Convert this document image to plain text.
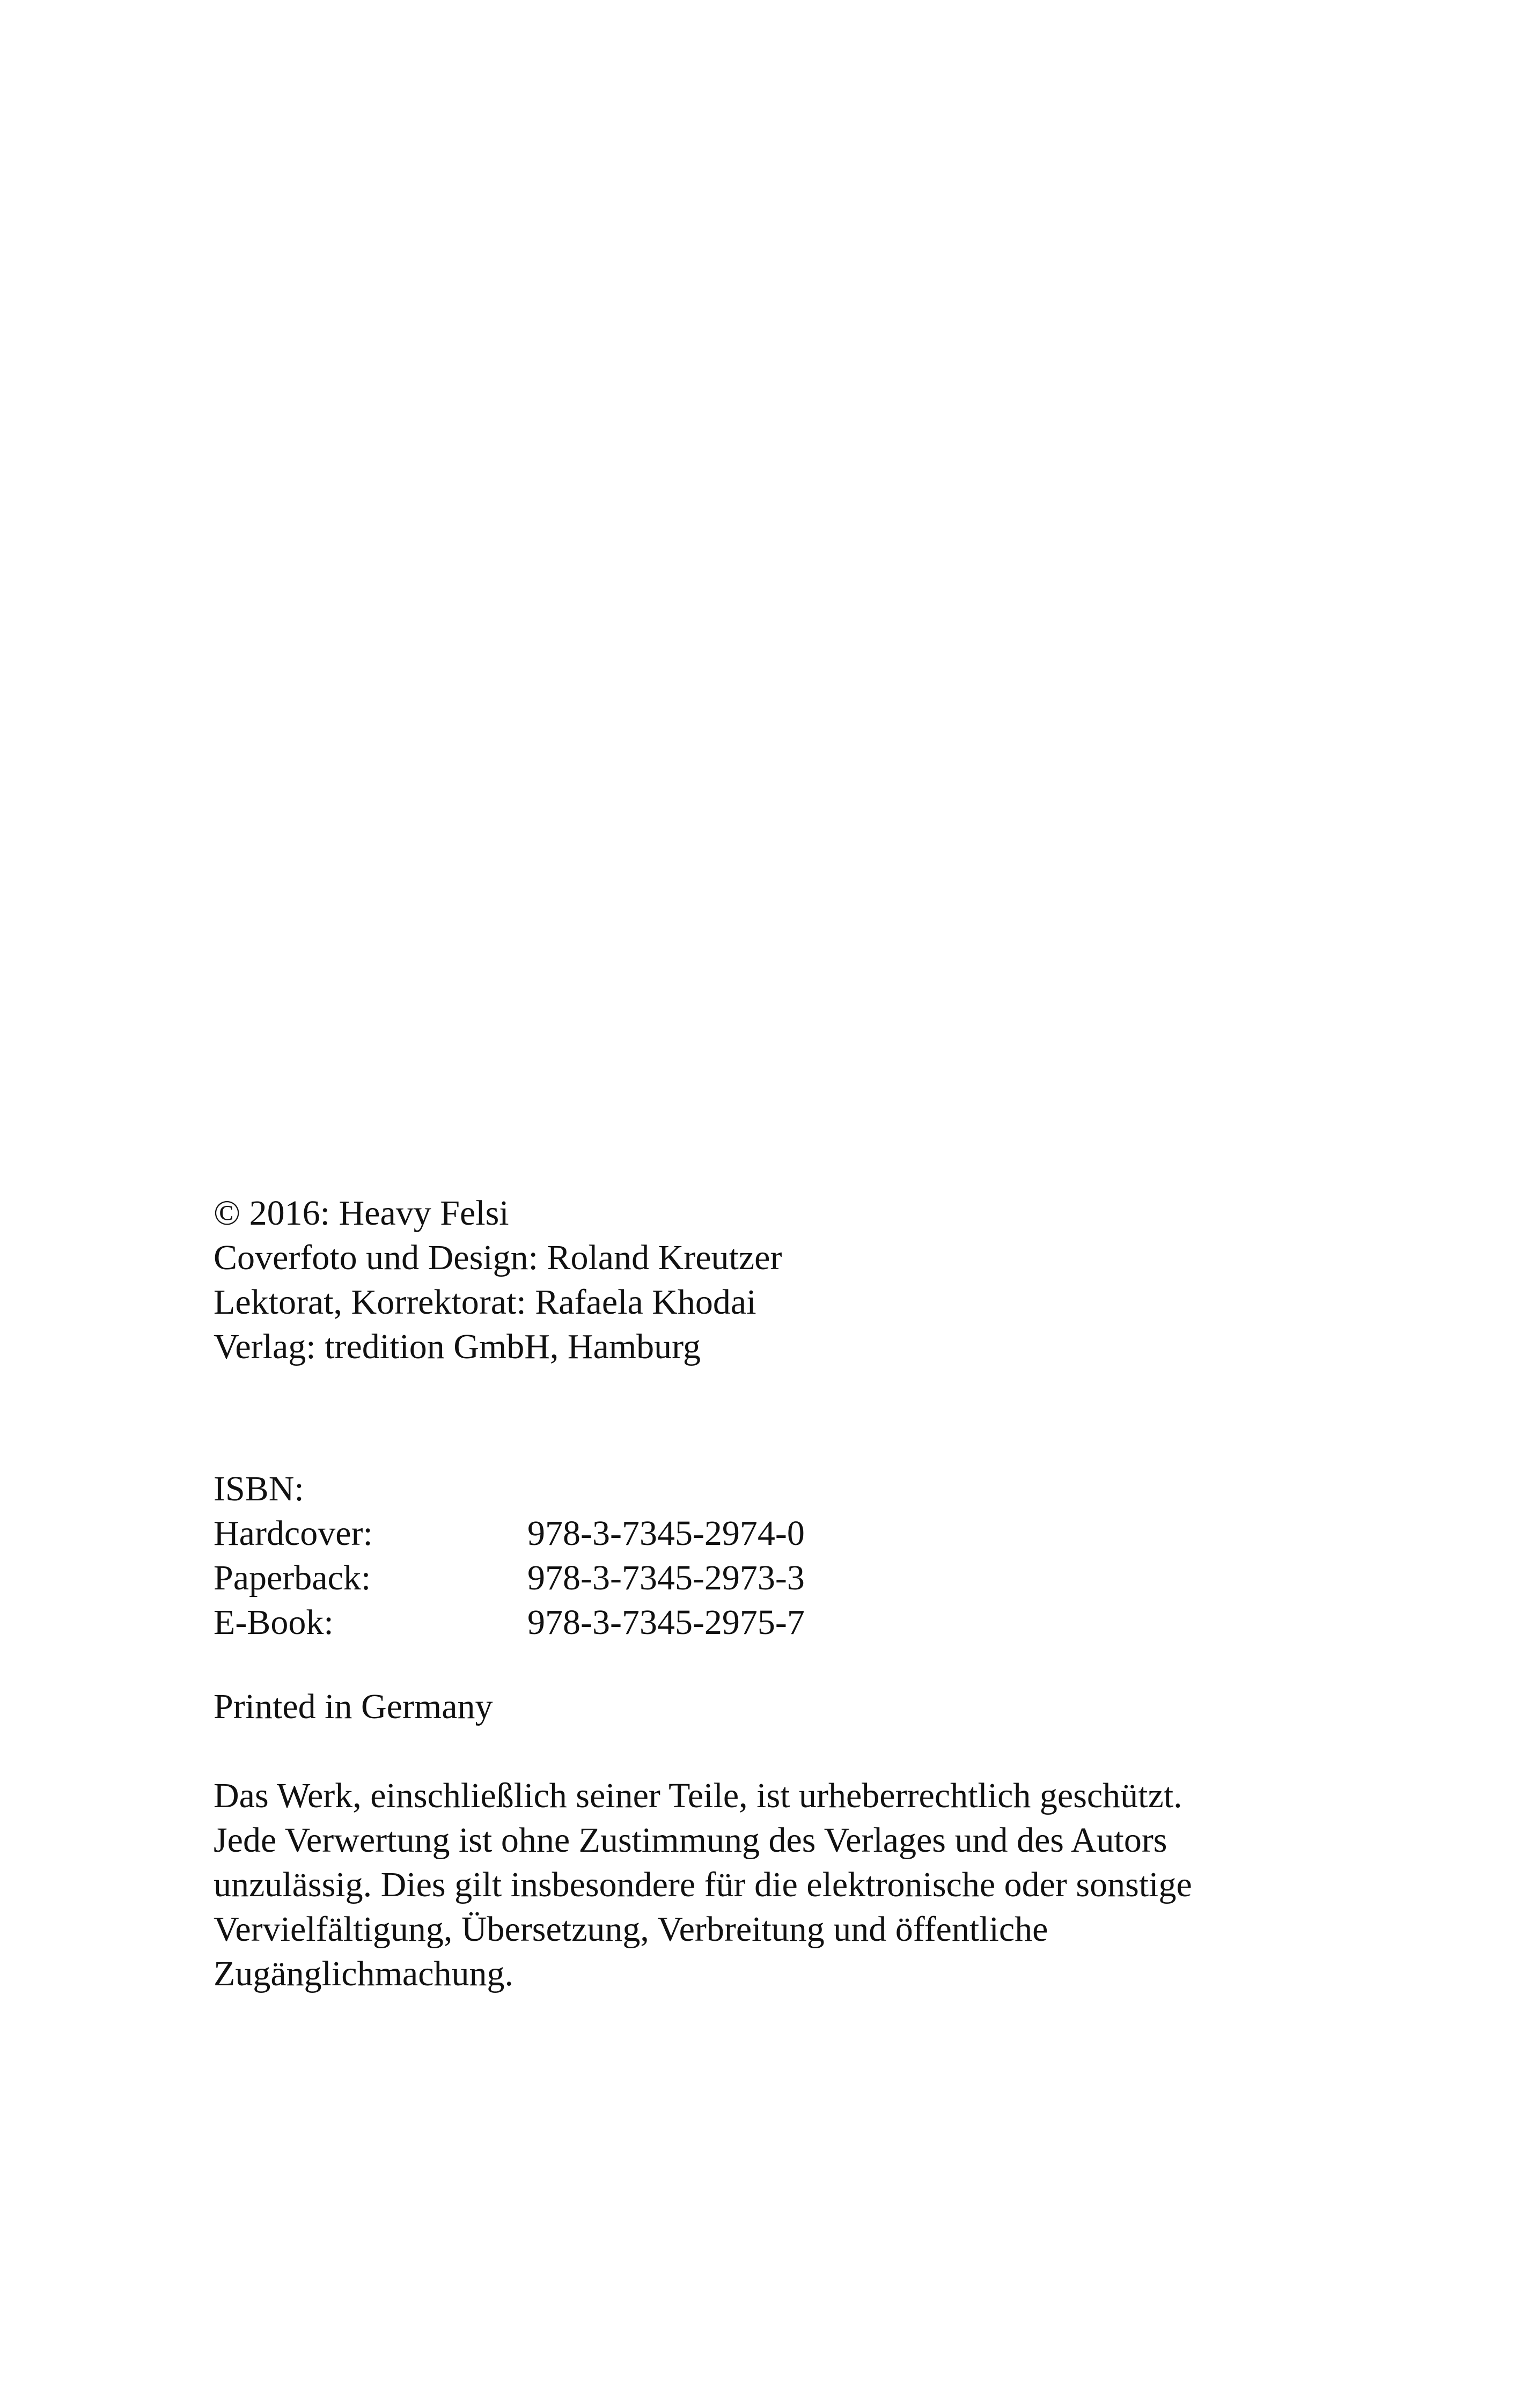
© 2016: Heavy Felsi
Coverfoto und Design: Roland Kreutzer
Lektorat, Korrektorat: Rafaela Khodai
Verlag: tredition GmbH, Hamburg
ISBN:
Hardcover:	978-3-7345-2974-0
Paperback:	978-3-7345-2973-3
E-Book:	978-3-7345-2975-7
Printed in Germany
Das Werk, einschließlich seiner Teile, ist urheberrechtlich geschützt.
Jede Verwertung ist ohne Zustimmung des Verlages und des Autors
unzulässig. Dies gilt insbesondere für die elektronische oder sonstige
Vervielfältigung, Übersetzung, Verbreitung und öffentliche
Zugänglichmachung.
